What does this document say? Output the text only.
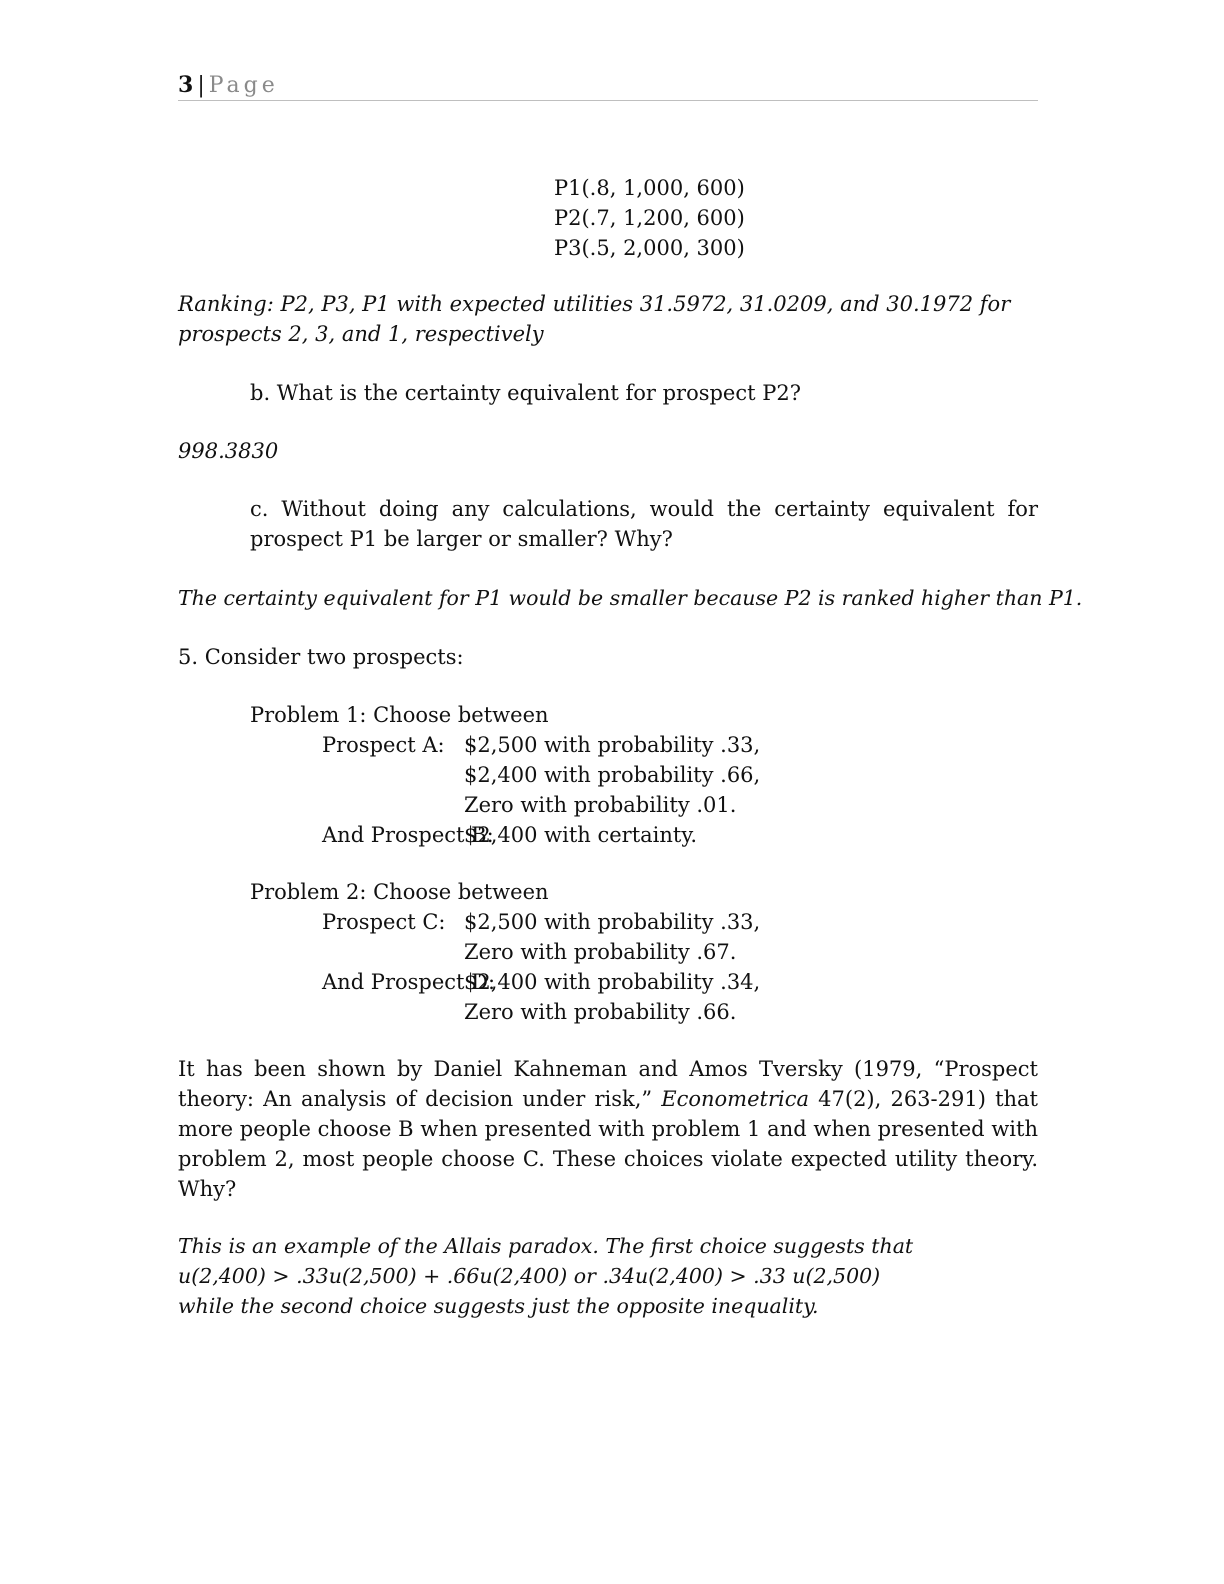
3 | Page
P1(.8, 1,000, 600)
P2(.7, 1,200, 600)
P3(.5, 2,000, 300)

Ranking: P2, P3, P1 with expected utilities 31.5972, 31.0209, and 30.1972 for prospects 2, 3, and 1, respectively

b. What is the certainty equivalent for prospect P2?

998.3830

c. Without doing any calculations, would the certainty equivalent for prospect P1 be larger or smaller? Why?

The certainty equivalent for P1 would be smaller because P2 is ranked higher than P1.

5. Consider two prospects:

Problem 1: Choose between
Prospect A: $2,500 with probability .33,
$2,400 with probability .66,
Zero with probability .01.
And Prospect B:
$2,400 with certainty.
Problem 2: Choose between
Prospect C: $2,500 with probability .33,
Zero with probability .67.
And Prospect D:
$2,400 with probability .34,
Zero with probability .66.

It has been shown by Daniel Kahneman and Amos Tversky (1979, “Prospect theory: An analysis of decision under risk,” Econometrica 47(2), 263-291) that more people choose B when presented with problem 1 and when presented with problem 2, most people choose C. These choices violate expected utility theory. Why?

This is an example of the Allais paradox. The first choice suggests that
u(2,400) > .33u(2,500) + .66u(2,400) or .34u(2,400) > .33 u(2,500)
while the second choice suggests just the opposite inequality.
